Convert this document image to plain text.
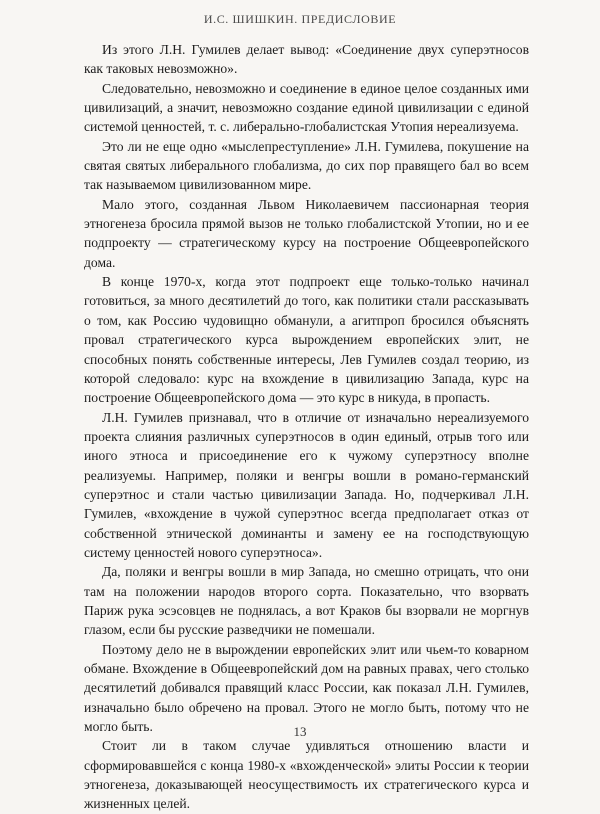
И.С. ШИШКИН. ПРЕДИСЛОВИЕ

Из этого Л.Н. Гумилев делает вывод: «Соединение двух суперэтносов как таковых невозможно».

Следовательно, невозможно и соединение в единое целое созданных ими цивилизаций, а значит, невозможно создание единой цивилизации с единой системой ценностей, т. с. либерально-глобалистская Утопия нереализуема.

Это ли не еще одно «мыслепреступление» Л.Н. Гумилева, покушение на святая святых либерального глобализма, до сих пор правящего бал во всем так называемом цивилизованном мире.

Мало этого, созданная Львом Николаевичем пассионарная теория этногенеза бросила прямой вызов не только глобалистской Утопии, но и ее подпроекту — стратегическому курсу на построение Общеевропейского дома.

В конце 1970-х, когда этот подпроект еще только-только начинал готовиться, за много десятилетий до того, как политики стали рассказывать о том, как Россию чудовищно обманули, а агитпроп бросился объяснять провал стратегического курса вырождением европейских элит, не способных понять собственные интересы, Лев Гумилев создал теорию, из которой следовало: курс на вхождение в цивилизацию Запада, курс на построение Общеевропейского дома — это курс в никуда, в пропасть.

Л.Н. Гумилев признавал, что в отличие от изначально нереализуемого проекта слияния различных суперэтносов в один единый, отрыв того или иного этноса и присоединение его к чужому суперэтносу вполне реализуемы. Например, поляки и венгры вошли в романо-германский суперэтнос и стали частью цивилизации Запада. Но, подчеркивал Л.Н. Гумилев, «вхождение в чужой суперэтнос всегда предполагает отказ от собственной этнической доминанты и замену ее на господствующую систему ценностей нового суперэтноса».

Да, поляки и венгры вошли в мир Запада, но смешно отрицать, что они там на положении народов второго сорта. Показательно, что взорвать Париж рука эсэсовцев не поднялась, а вот Краков бы взорвали не моргнув глазом, если бы русские разведчики не помешали.

Поэтому дело не в вырождении европейских элит или чьем-то коварном обмане. Вхождение в Общеевропейский дом на равных правах, чего столько десятилетий добивался правящий класс России, как показал Л.Н. Гумилев, изначально было обречено на провал. Этого не могло быть, потому что не могло быть.

Стоит ли в таком случае удивляться отношению власти и сформировавшейся с конца 1980-х «вхожденческой» элиты России к теории этногенеза, доказывающей неосуществимость их стратегического курса и жизненных целей.

13
